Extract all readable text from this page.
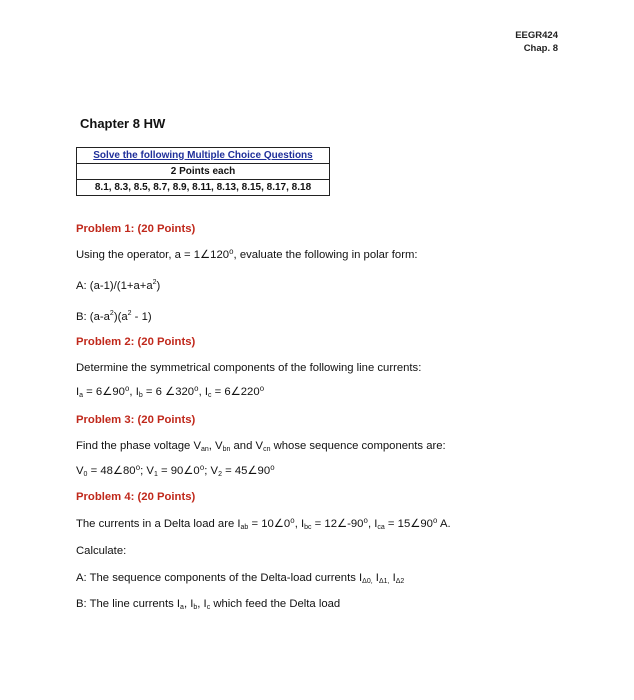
EEGR424
Chap. 8
Chapter 8 HW
Solve the following Multiple Choice Questions
2 Points each
8.1, 8.3, 8.5, 8.7, 8.9, 8.11, 8.13, 8.15, 8.17, 8.18
Problem 1: (20 Points)
Using the operator, a = 1∠120⁰, evaluate the following in polar form:
A: $(a-1)/(1+a+a^2)$
B: $(a-a^2)(a^2 - 1)$
Problem 2: (20 Points)
Determine the symmetrical components of the following line currents:
$I_a$ = 6∠90⁰, $I_b = 6$ ∠320⁰, $I_c$ = 6∠220⁰
Problem 3: (20 Points)
Find the phase voltage $V_{an}$, $V_{bn}$ and $V_{cn}$ whose sequence components are:
$V_0$ = 48∠80⁰; $V_1$ = 90∠0⁰; $V_2$ = 45∠90⁰
Problem 4: (20 Points)
The currents in a Delta load are $I_{ab}$ = 10∠0⁰, $I_{bc}$ = 12∠-90⁰, $I_{ca}$ = 15∠90⁰ A.
Calculate:
A: The sequence components of the Delta-load currents $I_{\Delta 0,}$ $I_{\Delta 1,}$ $I_{\Delta 2}$
B: The line currents $I_a$, $I_b$, $I_c$ which feed the Delta load
